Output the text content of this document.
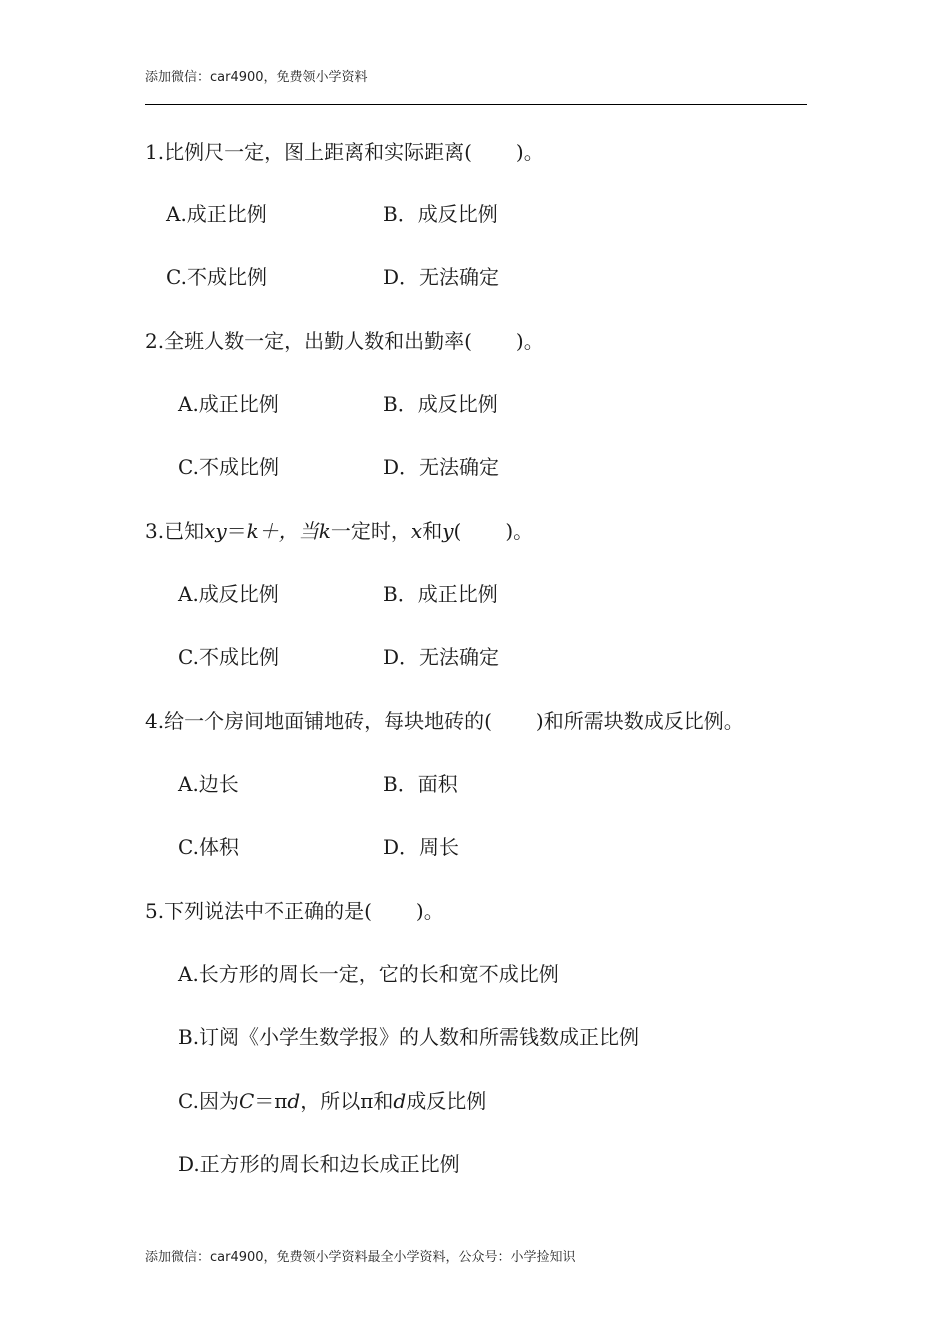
添加微信：car4900，免费领小学资料
1.比例尺一定，图上距离和实际距离( )。
A.成正比例	B．成反比例
C.不成比例	D．无法确定
2.全班人数一定，出勤人数和出勤率( )。
A.成正比例	B．成反比例
C.不成比例	D．无法确定
3.已知xy＝k＋，当k一定时，x和y( )。
A.成反比例	B．成正比例
C.不成比例	D．无法确定
4.给一个房间地面铺地砖，每块地砖的( )和所需块数成反比例。
A.边长	B．面积
C.体积	D．周长
5.下列说法中不正确的是( )。
A.长方形的周长一定，它的长和宽不成比例
B.订阅《小学生数学报》的人数和所需钱数成正比例
C.因为C＝πd，所以π和d成反比例
D.正方形的周长和边长成正比例
添加微信：car4900，免费领小学资料最全小学资料，公众号：小学捡知识
